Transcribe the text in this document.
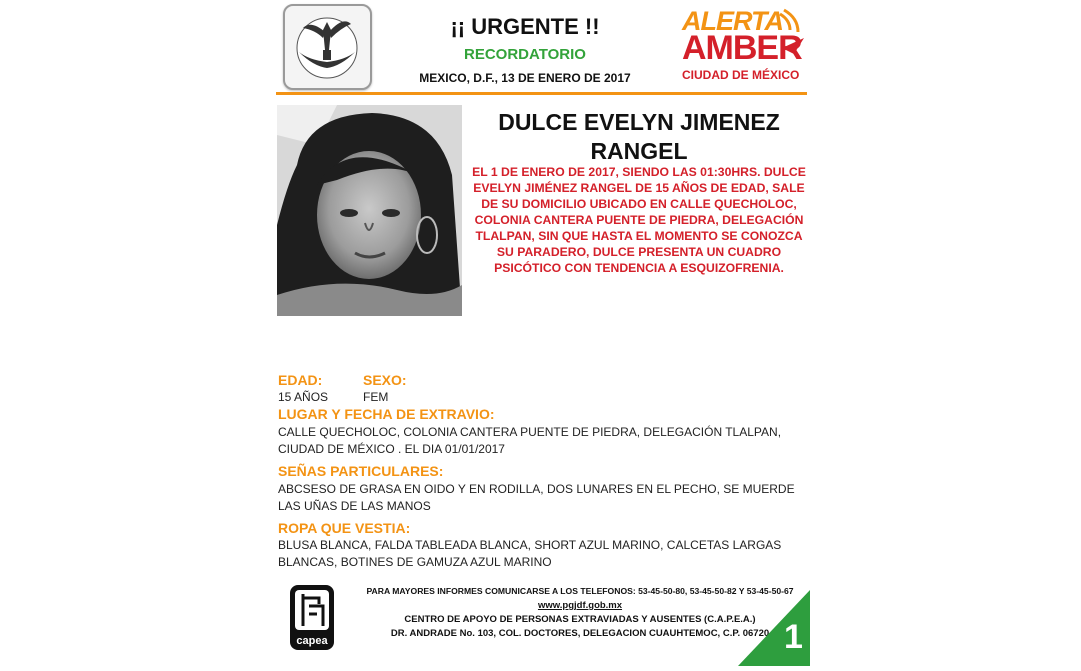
¡¡ URGENTE !!
RECORDATORIO
MEXICO, D.F., 13 DE ENERO DE 2017
ALERTA
AMBER
CIUDAD DE MÉXICO
DULCE EVELYN JIMENEZ RANGEL
EL 1 DE ENERO DE 2017, SIENDO LAS 01:30HRS. DULCE EVELYN JIMÉNEZ RANGEL DE 15 AÑOS DE EDAD, SALE DE SU DOMICILIO UBICADO EN CALLE QUECHOLOC, COLONIA CANTERA PUENTE DE PIEDRA, DELEGACIÓN TLALPAN, SIN QUE HASTA EL MOMENTO SE CONOZCA SU PARADERO, DULCE PRESENTA UN CUADRO PSICÓTICO CON TENDENCIA A ESQUIZOFRENIA.
EDAD:
15 AÑOS
SEXO:
FEM
LUGAR Y FECHA DE EXTRAVIO:
CALLE QUECHOLOC, COLONIA CANTERA PUENTE DE PIEDRA, DELEGACIÓN TLALPAN, CIUDAD DE MÉXICO . EL DIA 01/01/2017
SEÑAS PARTICULARES:
ABCSESO DE GRASA EN OIDO Y EN RODILLA, DOS LUNARES EN EL PECHO, SE MUERDE LAS UÑAS DE LAS MANOS
ROPA QUE VESTIA:
BLUSA BLANCA, FALDA TABLEADA BLANCA, SHORT AZUL MARINO, CALCETAS LARGAS BLANCAS, BOTINES DE GAMUZA AZUL MARINO
capea
PARA MAYORES INFORMES COMUNICARSE A LOS TELEFONOS: 53-45-50-80, 53-45-50-82 Y 53-45-50-67
www.pgjdf.gob.mx
CENTRO DE APOYO DE PERSONAS EXTRAVIADAS Y AUSENTES (C.A.P.E.A.)
DR. ANDRADE No. 103, COL. DOCTORES, DELEGACION CUAUHTEMOC, C.P. 06720 1
